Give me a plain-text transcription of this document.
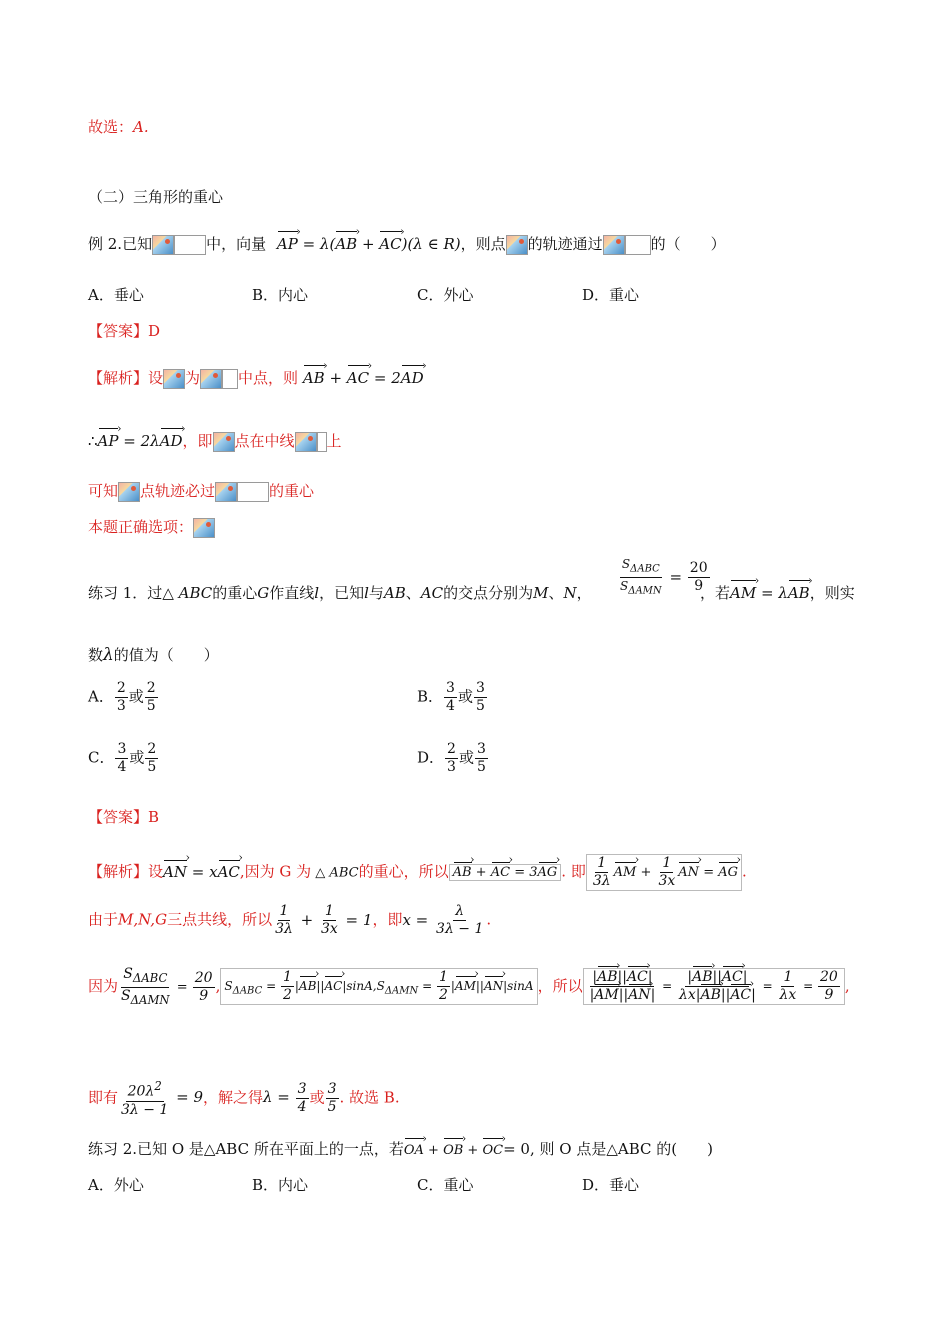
故选：A.
（二）三角形的重心
例 2.已知	中，向量 AP › = λ(AB › + AC ›)(λ ∈ R)，则点 的轨迹通过	的（　　）
A．垂心	B．内心	C．外心	D．重心
【答案】D
【解析】设 为	中点，则 AB › + AC › = 2AD ›
∴AP › = 2λAD ›，即 点在中线 上
可知 点轨迹必过	的重心
本题正确选项：
练习 1．过△ ABC的重心G作直线l，已知l与AB、AC的交点分别为M、N， $\frac{S_{\Delta ABC}}{S_{\Delta AMN}} = \frac{20}{9}$
，若AM › = λAB ›，则实
数λ的值为（　　）
A． $\frac{2}{3}$ 或 $\frac{2}{5}$	B． $\frac{3}{4}$ 或 $\frac{3}{5}$
C． $\frac{3}{4}$ 或 $\frac{2}{5}$	D． $\frac{2}{3}$ 或 $\frac{3}{5}$
【答案】B
【解析】设AN › = xAC ›,因为 G 为 △ ABC的重心，所以 AB › + AC › = 3AG › . 即 $\frac{1}{3\lambda}$ AM › + $\frac{1}{3x}$ AN › = AG › .
由于M,N,G三点共线，所以 $\frac{1}{3\lambda} + \frac{1}{3x} = 1$，即$x = \frac{\lambda}{3\lambda - 1}$ .
因为 $\frac{S_{\Delta ABC}}{S_{\Delta AMN}} = \frac{20}{9}$ , $S_{\Delta ABC} = \frac{1}{2} |AB$ ›||AC $›|\sin A,S_{\Delta AMN} = \frac{1}{2} |AM$ ›||AN ›|sinA ，所以 $\frac{|AB ›||AC ›|}{|AM ›||AN ›|} = \frac{|AB ›||AC ›|}{\lambda x|AB ›||AC ›|} = \frac{1}{\lambda x} = \frac{20}{9}$ ,
即有 $\frac{20\lambda^2}{3\lambda - 1} = 9$，解之得$\lambda = \frac{3}{4}$ 或 $\frac{3}{5}$ . 故选 B.
练习 2.已知 O 是△ABC 所在平面上的一点，若OA › + OB › + OC ›= 0, 则 O 点是△ABC 的(　　)
A．外心	B．内心	C．重心	D．垂心
